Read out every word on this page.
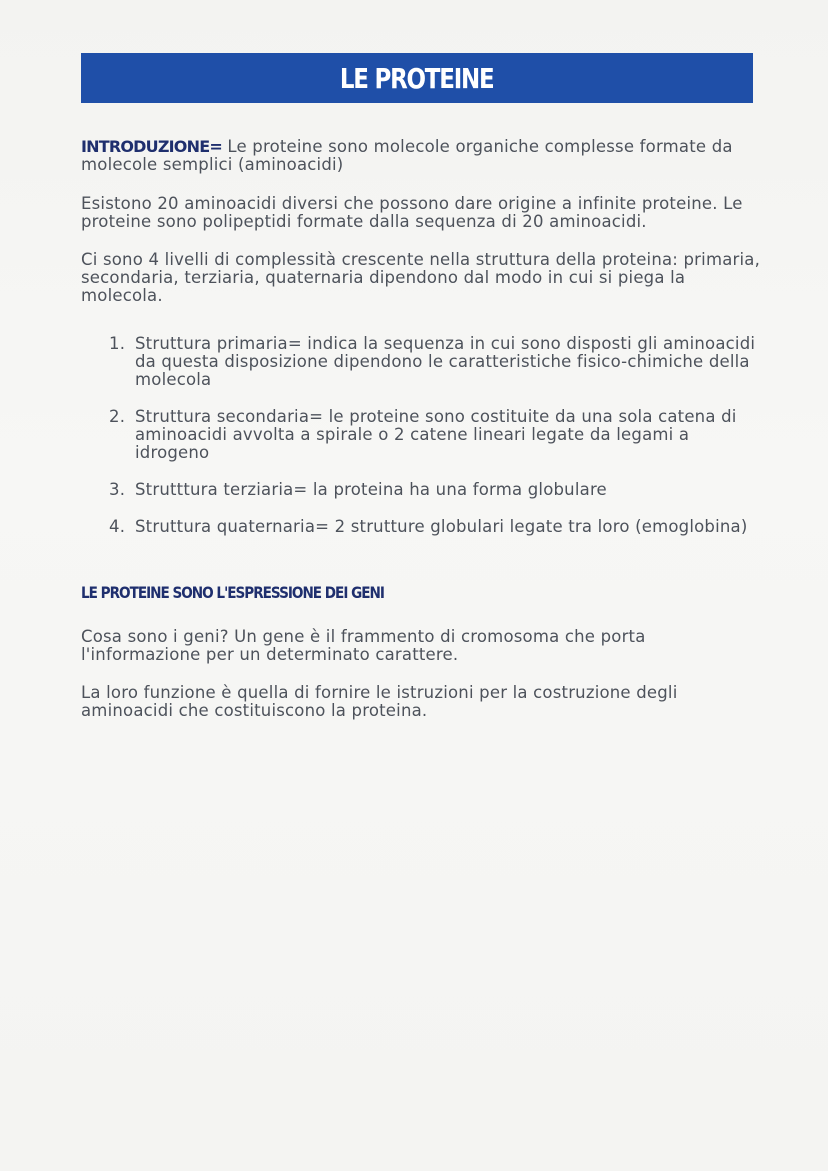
LE PROTEINE

INTRODUZIONE= Le proteine sono molecole organiche complesse formate da molecole semplici (aminoacidi)

Esistono 20 aminoacidi diversi che possono dare origine a infinite proteine. Le proteine sono polipeptidi formate dalla sequenza di 20 aminoacidi.

Ci sono 4 livelli di complessità crescente nella struttura della proteina: primaria, secondaria, terziaria, quaternaria dipendono dal modo in cui si piega la molecola.

1. Struttura primaria= indica la sequenza in cui sono disposti gli aminoacidi da questa disposizione dipendono le caratteristiche fisico-chimiche della molecola
2. Struttura secondaria= le proteine sono costituite da una sola catena di aminoacidi avvolta a spirale o 2 catene lineari legate da legami a idrogeno
3. Strutttura terziaria= la proteina ha una forma globulare
4. Struttura quaternaria= 2 strutture globulari legate tra loro (emoglobina)
LE PROTEINE SONO L'ESPRESSIONE DEI GENI

Cosa sono i geni? Un gene è il frammento di cromosoma che porta l'informazione per un determinato carattere.

La loro funzione è quella di fornire le istruzioni per la costruzione degli aminoacidi che costituiscono la proteina.
